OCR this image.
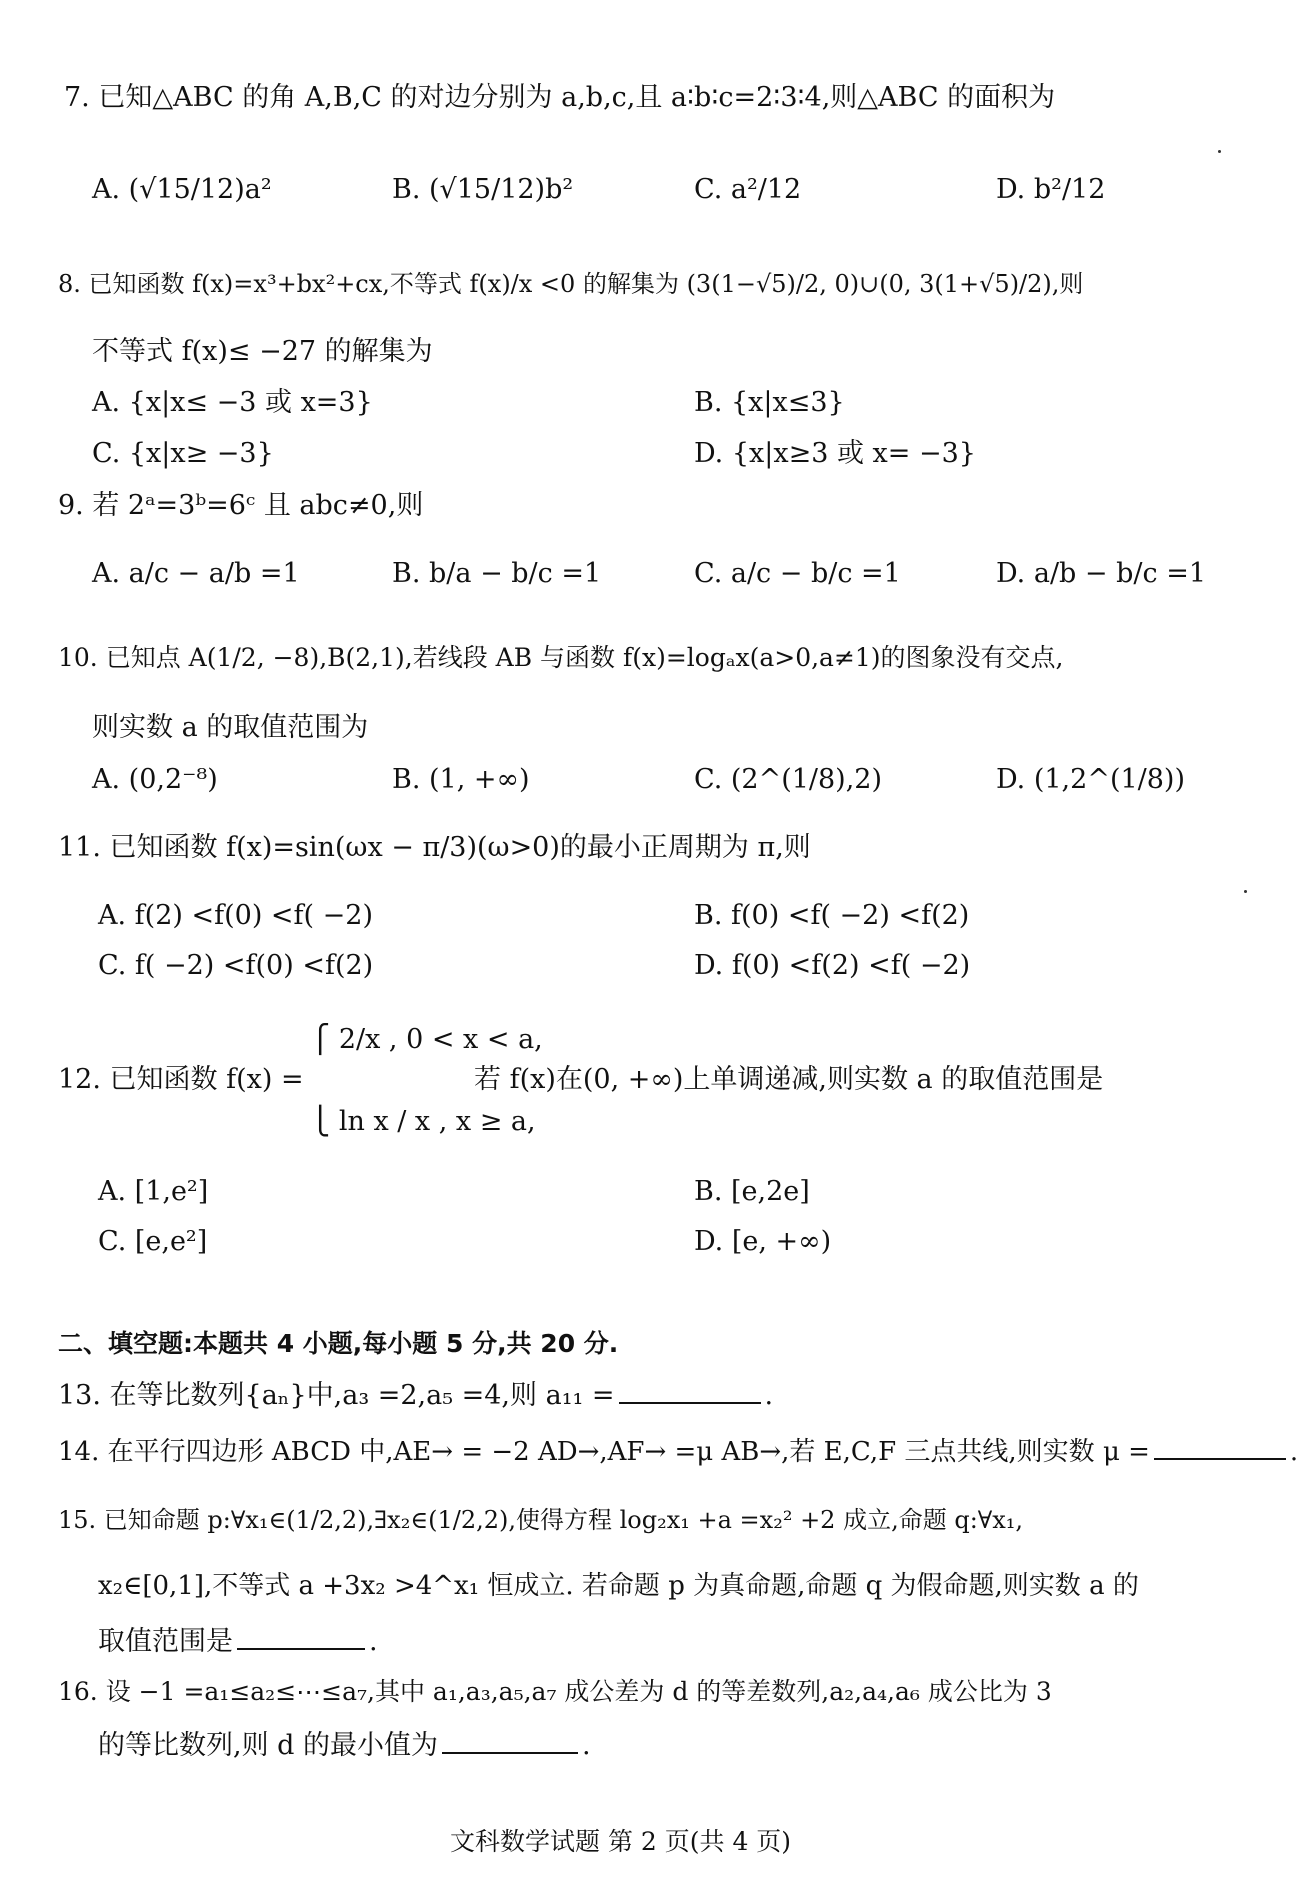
7. 已知△ABC 的角 A,B,C 的对边分别为 a,b,c,且 a∶b∶c=2∶3∶4,则△ABC 的面积为
A. (√15/12)a²	B. (√15/12)b²	C. a²/12	D. b²/12
8. 已知函数 f(x)=x³+bx²+cx,不等式 f(x)/x <0 的解集为 (3(1−√5)/2, 0)∪(0, 3(1+√5)/2),则
不等式 f(x)≤ −27 的解集为
A. {x|x≤ −3 或 x=3}	B. {x|x≤3}
C. {x|x≥ −3}	D. {x|x≥3 或 x= −3}
9. 若 2ᵃ=3ᵇ=6ᶜ 且 abc≠0,则
A. a/c − a/b =1	B. b/a − b/c =1	C. a/c − b/c =1	D. a/b − b/c =1
10. 已知点 A(1/2, −8),B(2,1),若线段 AB 与函数 f(x)=logₐx(a>0,a≠1)的图象没有交点,
则实数 a 的取值范围为
A. (0,2⁻⁸)	B. (1, +∞)	C. (2^(1/8),2)	D. (1,2^(1/8))
11. 已知函数 f(x)=sin(ωx − π/3)(ω>0)的最小正周期为 π,则
A. f(2) <f(0) <f( −2)	B. f(0) <f( −2) <f(2)
C. f( −2) <f(0) <f(2)	D. f(0) <f(2) <f( −2)
⎧ 2/x , 0 < x < a,
12. 已知函数 f(x) =	若 f(x)在(0, +∞)上单调递减,则实数 a 的取值范围是
⎩ ln x / x , x ≥ a,
A. [1,e²]	B. [e,2e]
C. [e,e²]	D. [e, +∞)
二、填空题:本题共 4 小题,每小题 5 分,共 20 分.
13. 在等比数列{aₙ}中,a₃ =2,a₅ =4,则 a₁₁ =	.
14. 在平行四边形 ABCD 中,AE→ = −2 AD→,AF→ =μ AB→,若 E,C,F 三点共线,则实数 μ =	.
15. 已知命题 p:∀x₁∈(1/2,2),∃x₂∈(1/2,2),使得方程 log₂x₁ +a =x₂² +2 成立,命题 q:∀x₁,
x₂∈[0,1],不等式 a +3x₂ >4^x₁ 恒成立. 若命题 p 为真命题,命题 q 为假命题,则实数 a 的
取值范围是	.
16. 设 −1 =a₁≤a₂≤⋯≤a₇,其中 a₁,a₃,a₅,a₇ 成公差为 d 的等差数列,a₂,a₄,a₆ 成公比为 3
的等比数列,则 d 的最小值为	.
文科数学试题 第 2 页(共 4 页)
